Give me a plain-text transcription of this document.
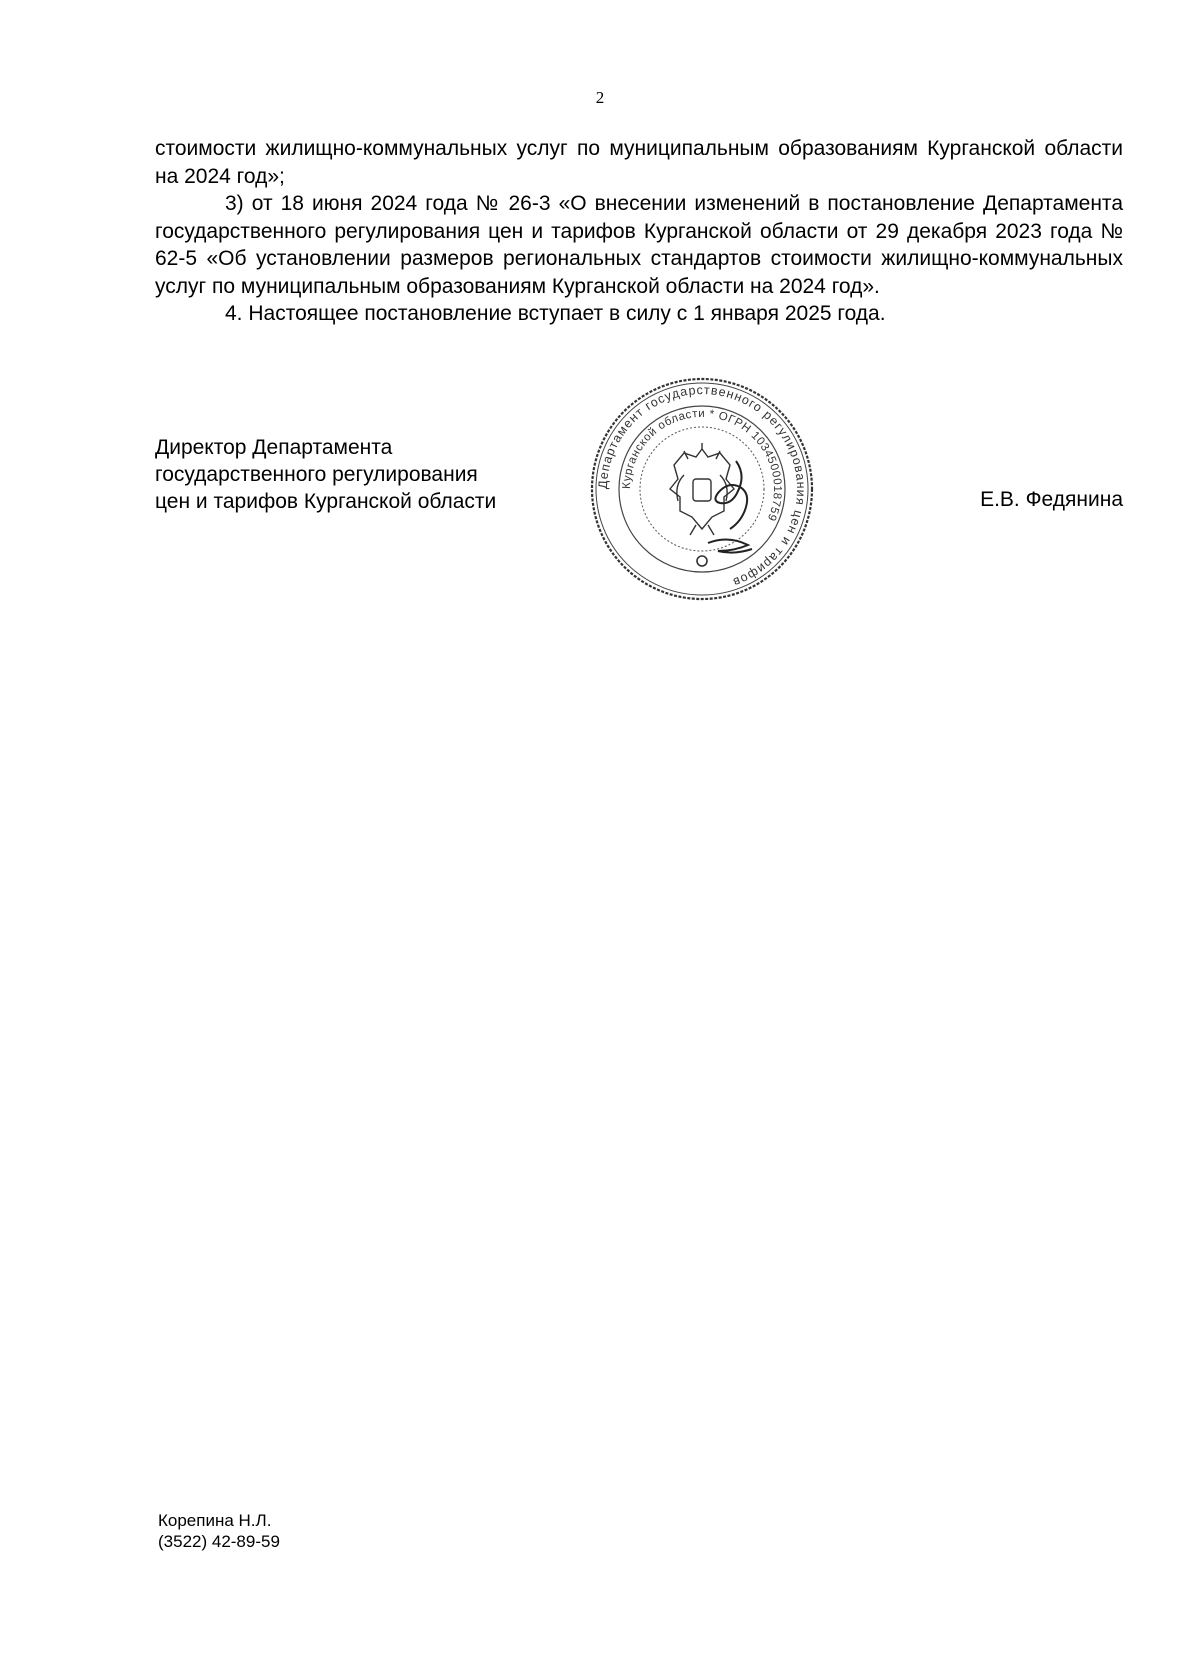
2

стоимости жилищно-коммунальных услуг по муниципальным образованиям Курганской области на 2024 год»;

3) от 18 июня 2024 года № 26-3 «О внесении изменений в постановление Департамента государственного регулирования цен и тарифов Курганской области от 29 декабря 2023 года № 62-5 «Об установлении размеров региональных стандартов стоимости жилищно-коммунальных услуг по муниципальным образованиям Курганской области на 2024 год».

4. Настоящее постановление вступает в силу с 1 января 2025 года.

Директор Департамента
государственного регулирования
цен и тарифов Курганской области
Департамент государственного регулирования цен и тарифов
Курганской области * ОГРН 1034500018759
Е.В. Федянина
Корепина Н.Л.
(3522) 42-89-59
